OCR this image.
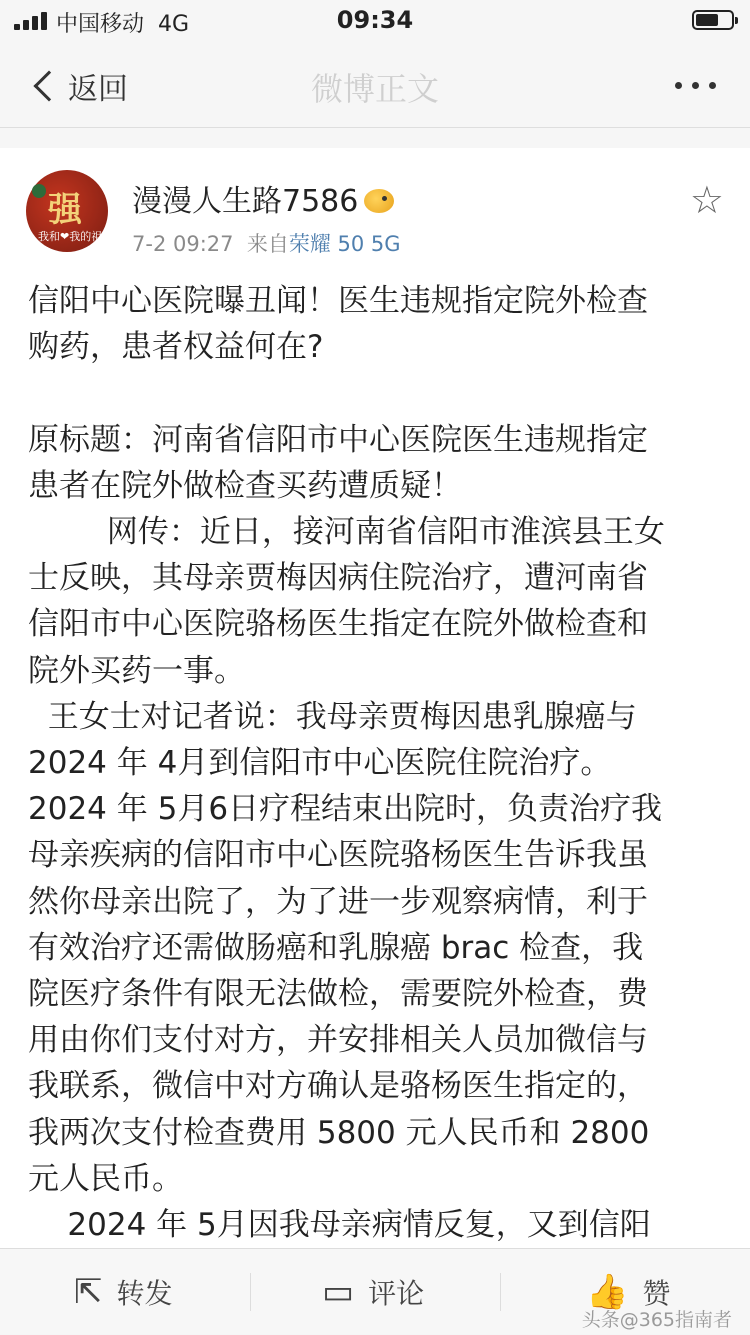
中国移动 4G	09:34
返回	微博正文
强
我和❤我的祖国
漫漫人生路7586
7-2 09:27 来自荣耀 50 5G
☆
信阳中心医院曝丑闻！医生违规指定院外检查
购药，患者权益何在?

原标题：河南省信阳市中心医院医生违规指定
患者在院外做检查买药遭质疑！
网传：近日，接河南省信阳市淮滨县王女
士反映，其母亲贾梅因病住院治疗，遭河南省
信阳市中心医院骆杨医生指定在院外做检查和
院外买药一事。
王女士对记者说：我母亲贾梅因患乳腺癌与
2024 年 4月到信阳市中心医院住院治疗。
2024 年 5月6日疗程结束出院时，负责治疗我
母亲疾病的信阳市中心医院骆杨医生告诉我虽
然你母亲出院了，为了进一步观察病情，利于
有效治疗还需做肠癌和乳腺癌 brac 检查，我
院医疗条件有限无法做检，需要院外检查，费
用由你们支付对方，并安排相关人员加微信与
我联系，微信中对方确认是骆杨医生指定的，
我两次支付检查费用 5800 元人民币和 2800
元人民币。
2024 年 5月因我母亲病情反复，又到信阳
⇱ 转发	▭ 评论	👍 赞
头条@365指南者
